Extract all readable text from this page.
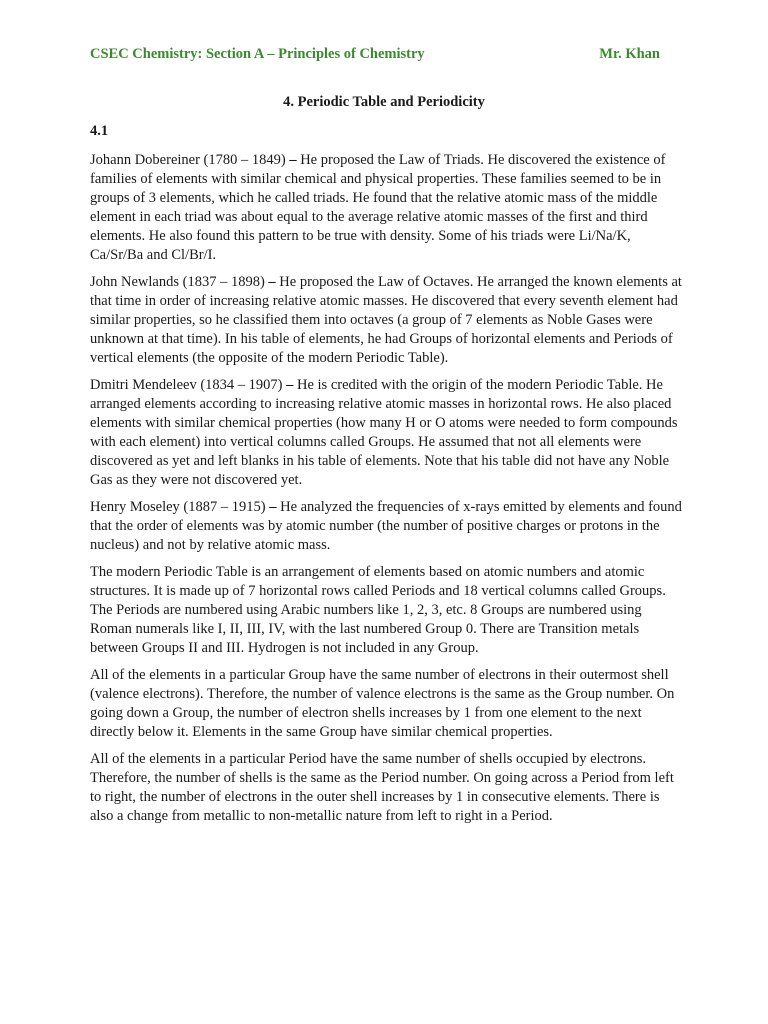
CSEC Chemistry: Section A – Principles of Chemistry	Mr. Khan
4. Periodic Table and Periodicity
4.1

Johann Dobereiner (1780 – 1849) – He proposed the Law of Triads. He discovered the existence of families of elements with similar chemical and physical properties. These families seemed to be in groups of 3 elements, which he called triads. He found that the relative atomic mass of the middle element in each triad was about equal to the average relative atomic masses of the first and third elements. He also found this pattern to be true with density. Some of his triads were Li/Na/K, Ca/Sr/Ba and Cl/Br/I.

John Newlands (1837 – 1898) – He proposed the Law of Octaves. He arranged the known elements at that time in order of increasing relative atomic masses. He discovered that every seventh element had similar properties, so he classified them into octaves (a group of 7 elements as Noble Gases were unknown at that time). In his table of elements, he had Groups of horizontal elements and Periods of vertical elements (the opposite of the modern Periodic Table).

Dmitri Mendeleev (1834 – 1907) – He is credited with the origin of the modern Periodic Table. He arranged elements according to increasing relative atomic masses in horizontal rows. He also placed elements with similar chemical properties (how many H or O atoms were needed to form compounds with each element) into vertical columns called Groups. He assumed that not all elements were discovered as yet and left blanks in his table of elements. Note that his table did not have any Noble Gas as they were not discovered yet.

Henry Moseley (1887 – 1915) – He analyzed the frequencies of x-rays emitted by elements and found that the order of elements was by atomic number (the number of positive charges or protons in the nucleus) and not by relative atomic mass.

The modern Periodic Table is an arrangement of elements based on atomic numbers and atomic structures. It is made up of 7 horizontal rows called Periods and 18 vertical columns called Groups. The Periods are numbered using Arabic numbers like 1, 2, 3, etc. 8 Groups are numbered using Roman numerals like I, II, III, IV, with the last numbered Group 0. There are Transition metals between Groups II and III. Hydrogen is not included in any Group.

All of the elements in a particular Group have the same number of electrons in their outermost shell (valence electrons). Therefore, the number of valence electrons is the same as the Group number. On going down a Group, the number of electron shells increases by 1 from one element to the next directly below it. Elements in the same Group have similar chemical properties.

All of the elements in a particular Period have the same number of shells occupied by electrons. Therefore, the number of shells is the same as the Period number. On going across a Period from left to right, the number of electrons in the outer shell increases by 1 in consecutive elements. There is also a change from metallic to non-metallic nature from left to right in a Period.
